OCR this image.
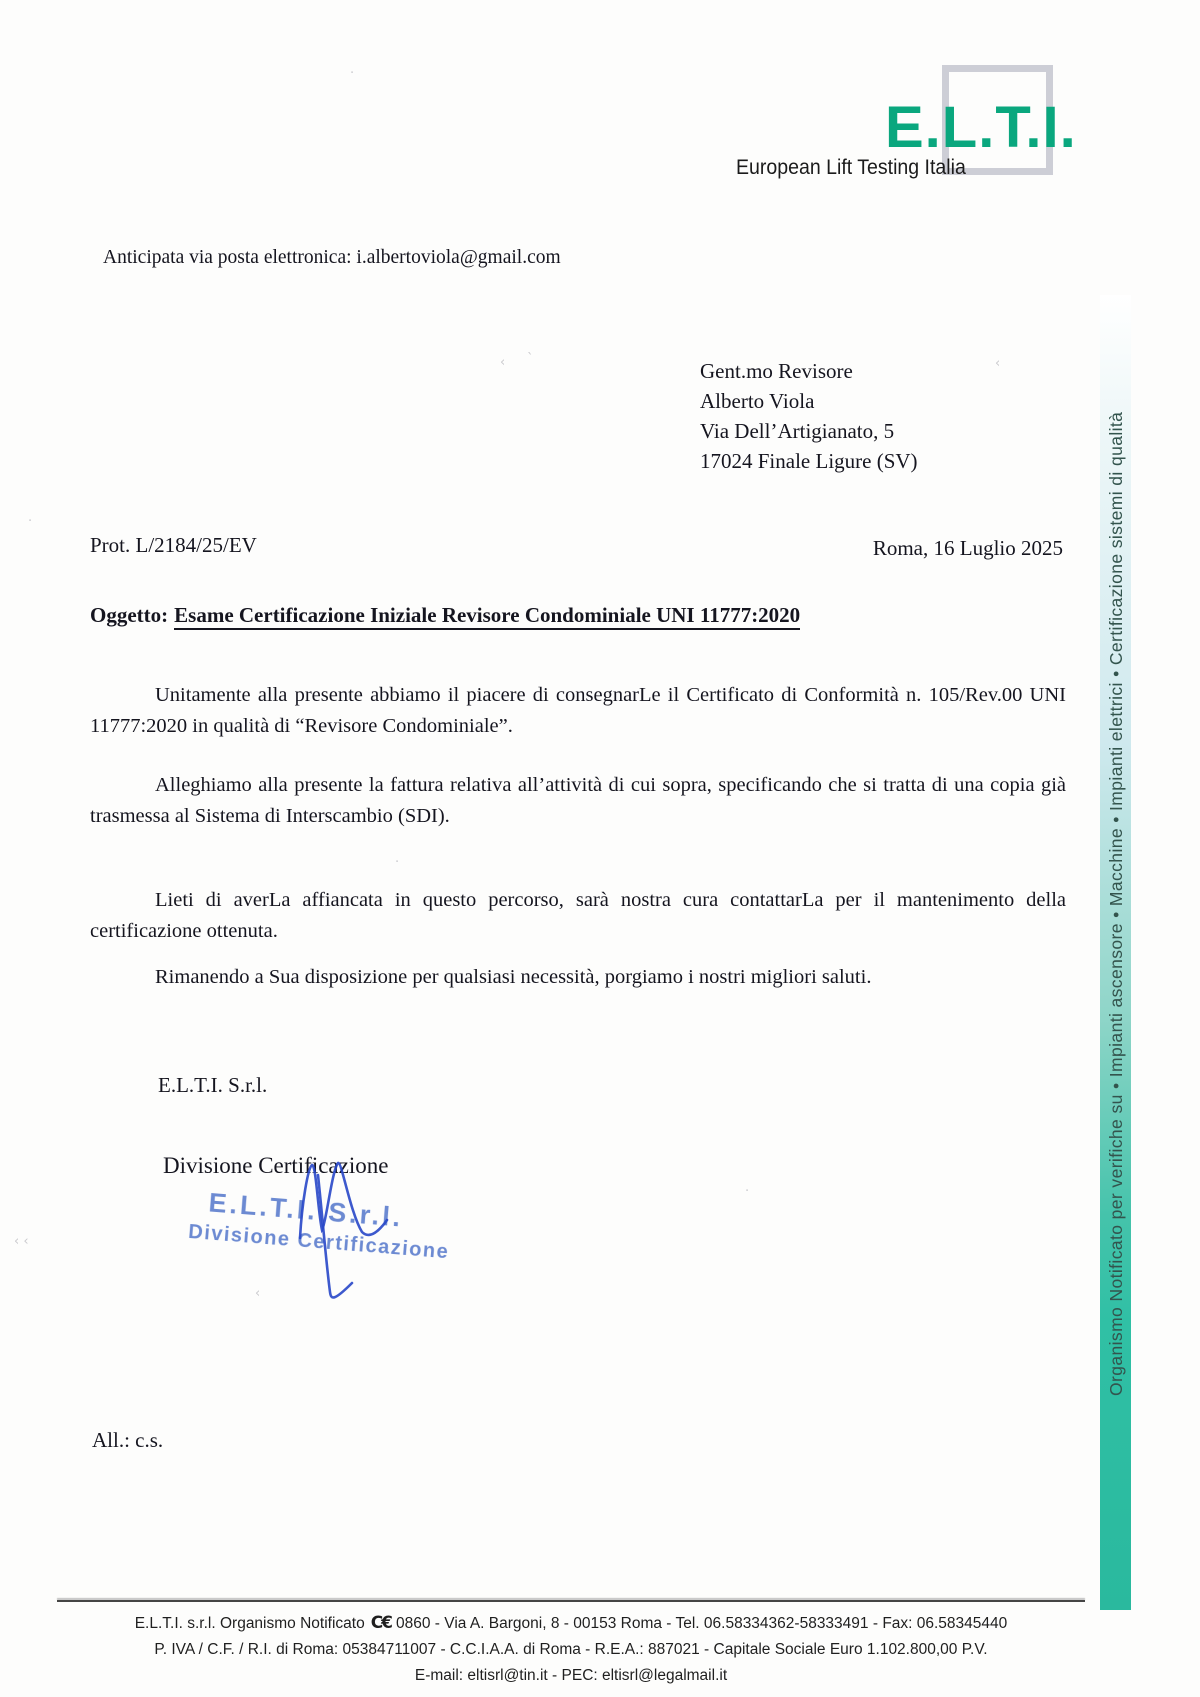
E.L.T.I.
European Lift Testing Italia
Anticipata via posta elettronica: i.albertoviola@gmail.com
Gent.mo Revisore
Alberto Viola
Via Dell’Artigianato, 5
17024 Finale Ligure (SV)
Prot. L/2184/25/EV	Roma, 16 Luglio 2025
Oggetto: Esame Certificazione Iniziale Revisore Condominiale UNI 11777:2020

Unitamente alla presente abbiamo il piacere di consegnarLe il Certificato di Conformità n. 105/Rev.00 UNI 11777:2020 in qualità di “Revisore Condominiale”.

Alleghiamo alla presente la fattura relativa all’attività di cui sopra, specificando che si tratta di una copia già trasmessa al Sistema di Interscambio (SDI).

Lieti di averLa affiancata in questo percorso, sarà nostra cura contattarLa per il mantenimento della certificazione ottenuta.

Rimanendo a Sua disposizione per qualsiasi necessità, porgiamo i nostri migliori saluti.

E.L.T.I. S.r.l.
Divisione Certificazione
E.L.T.I. S.r.l.
Divisione Certificazione
All.: c.s.
Organismo Notificato per verifiche su • Impianti ascensore • Macchine • Impianti elettrici • Certificazione sistemi di qualità
E.L.T.I. s.r.l. Organismo Notificato C€ 0860 - Via A. Bargoni, 8 - 00153 Roma - Tel. 06.58334362-58333491 - Fax: 06.58345440
P. IVA / C.F. / R.I. di Roma: 05384711007 - C.C.I.A.A. di Roma - R.E.A.: 887021 - Capitale Sociale Euro 1.102.800,00 P.V.
E-mail: eltisrl@tin.it - PEC: eltisrl@legalmail.it
‹ `	‹
·
·
‹
‹ ‹
·
·
